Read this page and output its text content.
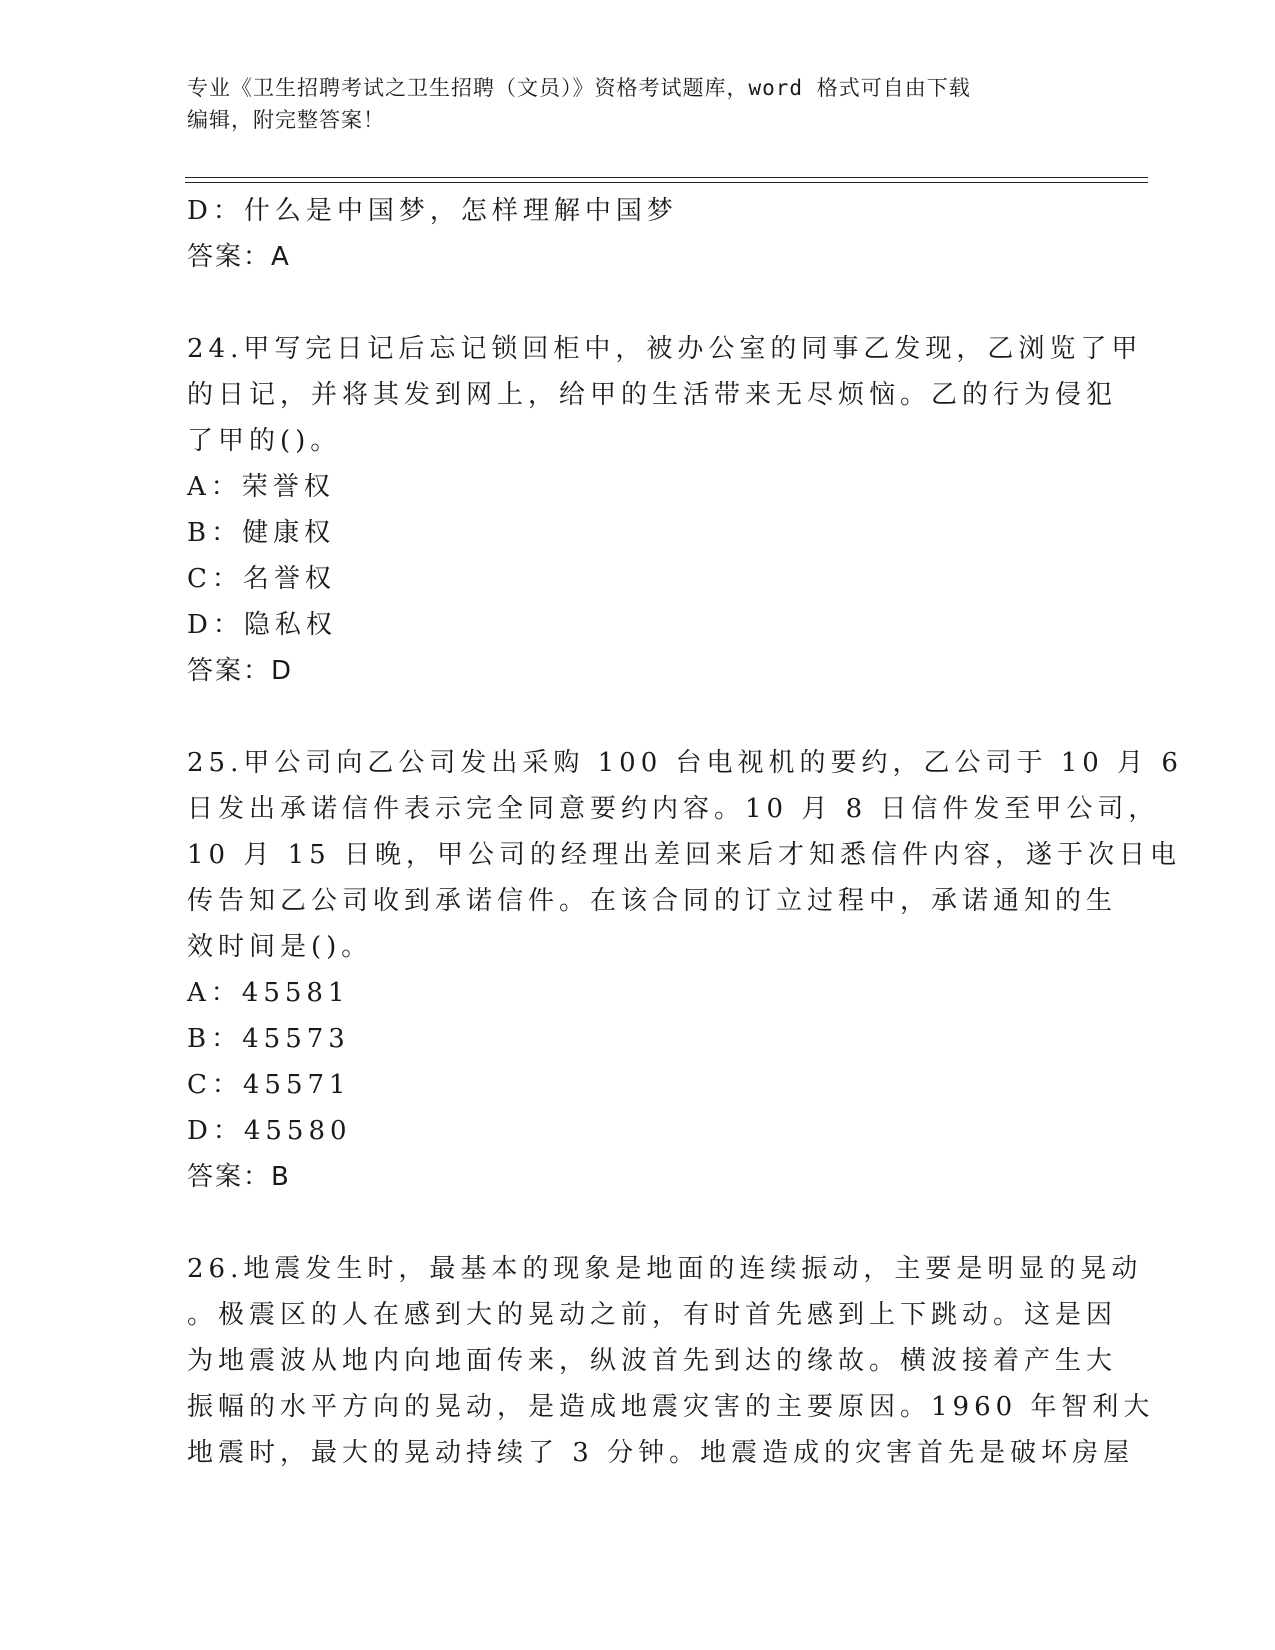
专业《卫生招聘考试之卫生招聘（文员）》资格考试题库，word 格式可自由下载
编辑，附完整答案！
D：什么是中国梦，怎样理解中国梦
答案：A
24.甲写完日记后忘记锁回柜中，被办公室的同事乙发现，乙浏览了甲
的日记，并将其发到网上，给甲的生活带来无尽烦恼。乙的行为侵犯
了甲的()。
A：荣誉权
B：健康权
C：名誉权
D：隐私权
答案：D
25.甲公司向乙公司发出采购 100 台电视机的要约，乙公司于 10 月 6
日发出承诺信件表示完全同意要约内容。10 月 8 日信件发至甲公司，
10 月 15 日晚，甲公司的经理出差回来后才知悉信件内容，遂于次日电
传告知乙公司收到承诺信件。在该合同的订立过程中，承诺通知的生
效时间是()。
A：45581
B：45573
C：45571
D：45580
答案：B
26.地震发生时，最基本的现象是地面的连续振动，主要是明显的晃动
。极震区的人在感到大的晃动之前，有时首先感到上下跳动。这是因
为地震波从地内向地面传来，纵波首先到达的缘故。横波接着产生大
振幅的水平方向的晃动，是造成地震灾害的主要原因。1960 年智利大
地震时，最大的晃动持续了 3 分钟。地震造成的灾害首先是破坏房屋
